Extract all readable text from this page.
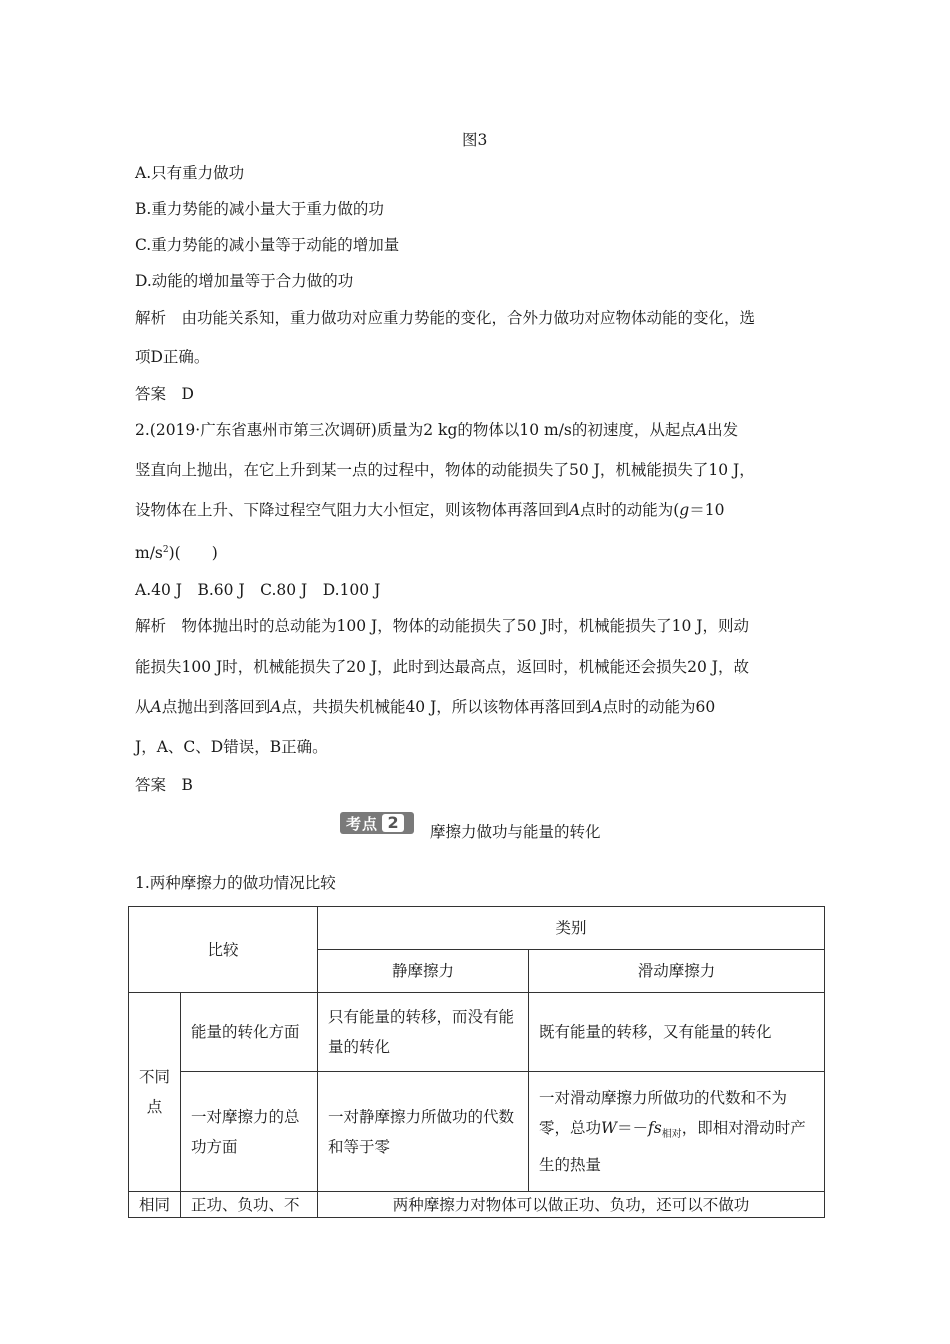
图3
A.只有重力做功
B.重力势能的减小量大于重力做的功
C.重力势能的减小量等于动能的增加量
D.动能的增加量等于合力做的功
解析　由功能关系知，重力做功对应重力势能的变化，合外力做功对应物体动能的变化，选
项D正确。
答案　D
2.(2019·广东省惠州市第三次调研)质量为2 kg的物体以10 m/s的初速度，从起点A出发
竖直向上抛出，在它上升到某一点的过程中，物体的动能损失了50 J，机械能损失了10 J，
设物体在上升、下降过程空气阻力大小恒定，则该物体再落回到A点时的动能为(g＝10
$m/s^2$)(　　)
A.40 J　B.60 J　C.80 J　D.100 J
解析　物体抛出时的总动能为100 J，物体的动能损失了50 J时，机械能损失了10 J，则动
能损失100 J时，机械能损失了20 J，此时到达最高点，返回时，机械能还会损失20 J，故
从A点抛出到落回到A点，共损失机械能40 J，所以该物体再落回到A点时的动能为60
J，A、C、D错误，B正确。
答案　B
考点 2	摩擦力做功与能量的转化
1.两种摩擦力的做功情况比较
比较		类别	
		静摩擦力	滑动摩擦力
不同点	能量的转化方面	只有能量的转移，而没有能量的转化	既有能量的转移，又有能量的转化
	一对摩擦力的总功方面	一对静摩擦力所做功的代数和等于零	一对滑动摩擦力所做功的代数和不为零，总功$W=-fs_{相对}$，即相对滑动时产生的热量
相同	正功、负功、不	两种摩擦力对物体可以做正功、负功，还可以不做功	
